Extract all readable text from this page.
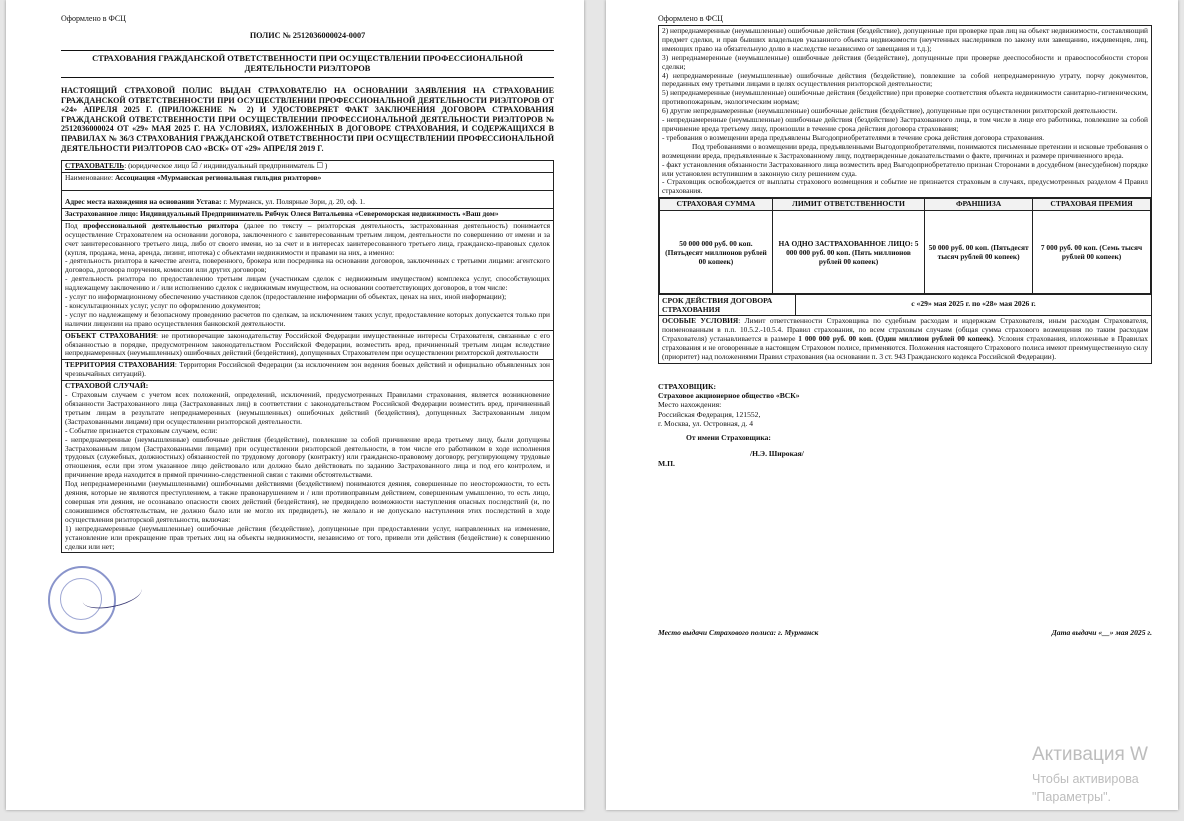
Оформлено в ФСЦ
ПОЛИС № 2512036000024-0007
СТРАХОВАНИЯ ГРАЖДАНСКОЙ ОТВЕТСТВЕННОСТИ ПРИ ОСУЩЕСТВЛЕНИИ ПРОФЕССИОНАЛЬНОЙ ДЕЯТЕЛЬНОСТИ РИЭЛТОРОВ

НАСТОЯЩИЙ СТРАХОВОЙ ПОЛИС ВЫДАН СТРАХОВАТЕЛЮ НА ОСНОВАНИИ ЗАЯВЛЕНИЯ НА СТРАХОВАНИЕ ГРАЖДАНСКОЙ ОТВЕТСТВЕННОСТИ ПРИ ОСУЩЕСТВЛЕНИИ ПРОФЕССИОНАЛЬНОЙ ДЕЯТЕЛЬНОСТИ РИЭЛТОРОВ ОТ «24» АПРЕЛЯ 2025 Г. (ПРИЛОЖЕНИЕ № 2) И УДОСТОВЕРЯЕТ ФАКТ ЗАКЛЮЧЕНИЯ ДОГОВОРА СТРАХОВАНИЯ ГРАЖДАНСКОЙ ОТВЕТСТВЕННОСТИ ПРИ ОСУЩЕСТВЛЕНИИ ПРОФЕССИОНАЛЬНОЙ ДЕЯТЕЛЬНОСТИ РИЭЛТОРОВ № 2512036000024 ОТ «29» МАЯ 2025 Г. НА УСЛОВИЯХ, ИЗЛОЖЕННЫХ В ДОГОВОРЕ СТРАХОВАНИЯ, И СОДЕРЖАЩИХСЯ В ПРАВИЛАХ № 36/3 СТРАХОВАНИЯ ГРАЖДАНСКОЙ ОТВЕТСТВЕННОСТИ ПРИ ОСУЩЕСТВЛЕНИИ ПРОФЕССИОНАЛЬНОЙ ДЕЯТЕЛЬНОСТИ РИЭЛТОРОВ САО «ВСК» ОТ «29» АПРЕЛЯ 2019 Г.

СТРАХОВАТЕЛЬ: (юридическое лицо ☑ / индивидуальный предприниматель ☐ )
Наименование: Ассоциация «Мурманская региональная гильдия риэлторов»
Адрес места нахождения на основании Устава: г. Мурманск, ул. Полярные Зори, д. 20, оф. 1.
Застрахованное лицо: Индивидуальный Предприниматель Рябчук Олеся Витальевна «Североморская недвижимость «Ваш дом»

Под профессиональной деятельностью риэлтора (далее по тексту – риэлторская деятельность, застрахованная деятельность) понимается осуществление Страхователем на основании договора, заключенного с заинтересованным третьим лицом, деятельности по совершению от имени и за счет заинтересованного третьего лица, либо от своего имени, но за счет и в интересах заинтересованного третьего лица, гражданско-правовых сделок (купля, продажа, мена, аренда, лизинг, ипотека) с объектами недвижимости и правами на них, а именно:

- деятельность риэлтора в качестве агента, поверенного, брокера или посредника на основании договоров, заключенных с третьими лицами: агентского договора, договора поручения, комиссии или других договоров;

- деятельность риэлтора по предоставлению третьим лицам (участникам сделок с недвижимым имуществом) комплекса услуг, способствующих надлежащему заключению и / или исполнению сделок с недвижимым имуществом, на основании соответствующих договоров, в том числе:

- услуг по информационному обеспечению участников сделок (предоставление информации об объектах, ценах на них, иной информации);

- консультационных услуг, услуг по оформлению документов;

- услуг по надлежащему и безопасному проведению расчетов по сделкам, за исключением таких услуг, предоставление которых допускается только при наличии лицензии на право осуществления банковской деятельности.

ОБЪЕКТ СТРАХОВАНИЯ: не противоречащие законодательству Российской Федерации имущественные интересы Страхователя, связанные с его обязанностью в порядке, предусмотренном законодательством Российской Федерации, возместить вред, причиненный третьим лицам вследствие непреднамеренных (неумышленных) ошибочных действий (бездействия), допущенных Страхователем при осуществлении риэлторской деятельности
ТЕРРИТОРИЯ СТРАХОВАНИЯ: Территория Российской Федерации (за исключением зон ведения боевых действий и официально объявленных зон чрезвычайных ситуаций).

СТРАХОВОЙ СЛУЧАЙ:

- Страховым случаем с учетом всех положений, определений, исключений, предусмотренных Правилами страхования, является возникновение обязанности Застрахованного лица (Застрахованных лиц) в соответствии с законодательством Российской Федерации возместить вред, причиненный третьим лицам в результате непреднамеренных (неумышленных) ошибочных действий (бездействия), допущенных Застрахованным лицом (Застрахованными лицами) при осуществлении риэлторской деятельности.

- Событие признается страховым случаем, если:

- непреднамеренные (неумышленные) ошибочные действия (бездействие), повлекшие за собой причинение вреда третьему лицу, были допущены Застрахованным лицом (Застрахованными лицами) при осуществлении риэлторской деятельности, в том числе его работником в ходе исполнения трудовых (служебных, должностных) обязанностей по трудовому договору (контракту) или гражданско-правовому договору, регулирующему трудовые отношения, если при этом указанное лицо действовало или должно было действовать по заданию Застрахованного лица и под его контролем, и причинение вреда находится в прямой причинно-следственной связи с такими обстоятельствами.

Под непреднамеренными (неумышленными) ошибочными действиями (бездействием) понимаются деяния, совершенные по неосторожности, то есть деяния, которые не являются преступлением, а также правонарушением и / или противоправным действием, совершенным умышленно, то есть лицо, совершая эти деяния, не осознавало опасности своих действий (бездействия), не предвидело возможности наступления опасных последствий (и, по сложившимся обстоятельствам, не должно было или не могло их предвидеть), не желало и не допускало наступления этих последствий в ходе осуществления риэлторской деятельности, включая:

1) непреднамеренные (неумышленные) ошибочные действия (бездействие), допущенные при предоставлении услуг, направленных на изменение, установление или прекращение прав третьих лиц на объекты недвижимости, независимо от того, привели эти действия (бездействие) к совершению сделки или нет;

Оформлено в ФСЦ

2) непреднамеренные (неумышленные) ошибочные действия (бездействие), допущенные при проверке прав лиц на объект недвижимости, составляющий предмет сделки, и прав бывших владельцев указанного объекта недвижимости (неучтенных наследников по закону или завещанию, иждивенцев, лиц, имеющих право на обязательную долю в наследстве независимо от завещания и т.д.);

3) непреднамеренные (неумышленные) ошибочные действия (бездействие), допущенные при проверке дееспособности и правоспособности сторон сделки;

4) непреднамеренные (неумышленные) ошибочные действия (бездействие), повлекшие за собой непреднамеренную утрату, порчу документов, переданных ему третьими лицами в целях осуществления риэлторской деятельности;

5) непреднамеренные (неумышленные) ошибочные действия (бездействие) при проверке соответствия объекта недвижимости санитарно-гигиеническим, противопожарным, экологическим нормам;

6) другие непреднамеренные (неумышленные) ошибочные действия (бездействие), допущенные при осуществлении риэлторской деятельности.

- непреднамеренные (неумышленные) ошибочные действия (бездействие) Застрахованного лица, в том числе в лице его работника, повлекшие за собой причинение вреда третьему лицу, произошли в течение срока действия договора страхования;

- требования о возмещении вреда предъявлены Выгодоприобретателями в течение срока действия договора страхования.

Под требованиями о возмещении вреда, предъявленными Выгодоприобретателями, понимаются письменные претензии и исковые требования о возмещении вреда, предъявленные к Застрахованному лицу, подтвержденные доказательствами о факте, причинах и размере причиненного вреда.

- факт установления обязанности Застрахованного лица возместить вред Выгодоприобретателю признан Сторонами в досудебном (внесудебном) порядке или установлен вступившим в законную силу решением суда.

- Страховщик освобождается от выплаты страхового возмещения и событие не признается страховым в случаях, предусмотренных разделом 4 Правил страхования.

СТРАХОВАЯ СУММА	ЛИМИТ ОТВЕТСТВЕННОСТИ	ФРАНШИЗА	СТРАХОВАЯ ПРЕМИЯ
50 000 000 руб. 00 коп. (Пятьдесят миллионов рублей 00 копеек)	НА ОДНО ЗАСТРАХОВАННОЕ ЛИЦО: 5 000 000 руб. 00 коп. (Пять миллионов рублей 00 копеек)	50 000 руб. 00 коп. (Пятьдесят тысяч рублей 00 копеек)	7 000 руб. 00 коп. (Семь тысяч рублей 00 копеек)
СРОК ДЕЙСТВИЯ ДОГОВОРА СТРАХОВАНИЯ
с «29» мая 2025 г. по «28» мая 2026 г.
ОСОБЫЕ УСЛОВИЯ: Лимит ответственности Страховщика по судебным расходам и издержкам Страхователя, иным расходам Страхователя, поименованным в п.п. 10.5.2.-10.5.4. Правил страхования, по всем страховым случаям (общая сумма страхового возмещения по таким расходам Страхователя) устанавливается в размере 1 000 000 руб. 00 коп. (Один миллион рублей 00 копеек). Условия страхования, изложенные в Правилах страхования и не оговоренные в настоящем Страховом полисе, применяются. Положения настоящего Страхового полиса имеют преимущественную силу (приоритет) над положениями Правил страхования (на основании п. 3 ст. 943 Гражданского кодекса Российской Федерации).

СТРАХОВЩИК:

Страховое акционерное общество «ВСК»

Место нахождения:

Российская Федерация, 121552,

г. Москва, ул. Островная, д. 4

От имени Страховщика:

/Н.Э. Широкая/

М.П.

Место выдачи Страхового полиса: г. Мурманск	Дата выдачи «__» мая 2025 г.
Активация W
Чтобы активирова
"Параметры".
